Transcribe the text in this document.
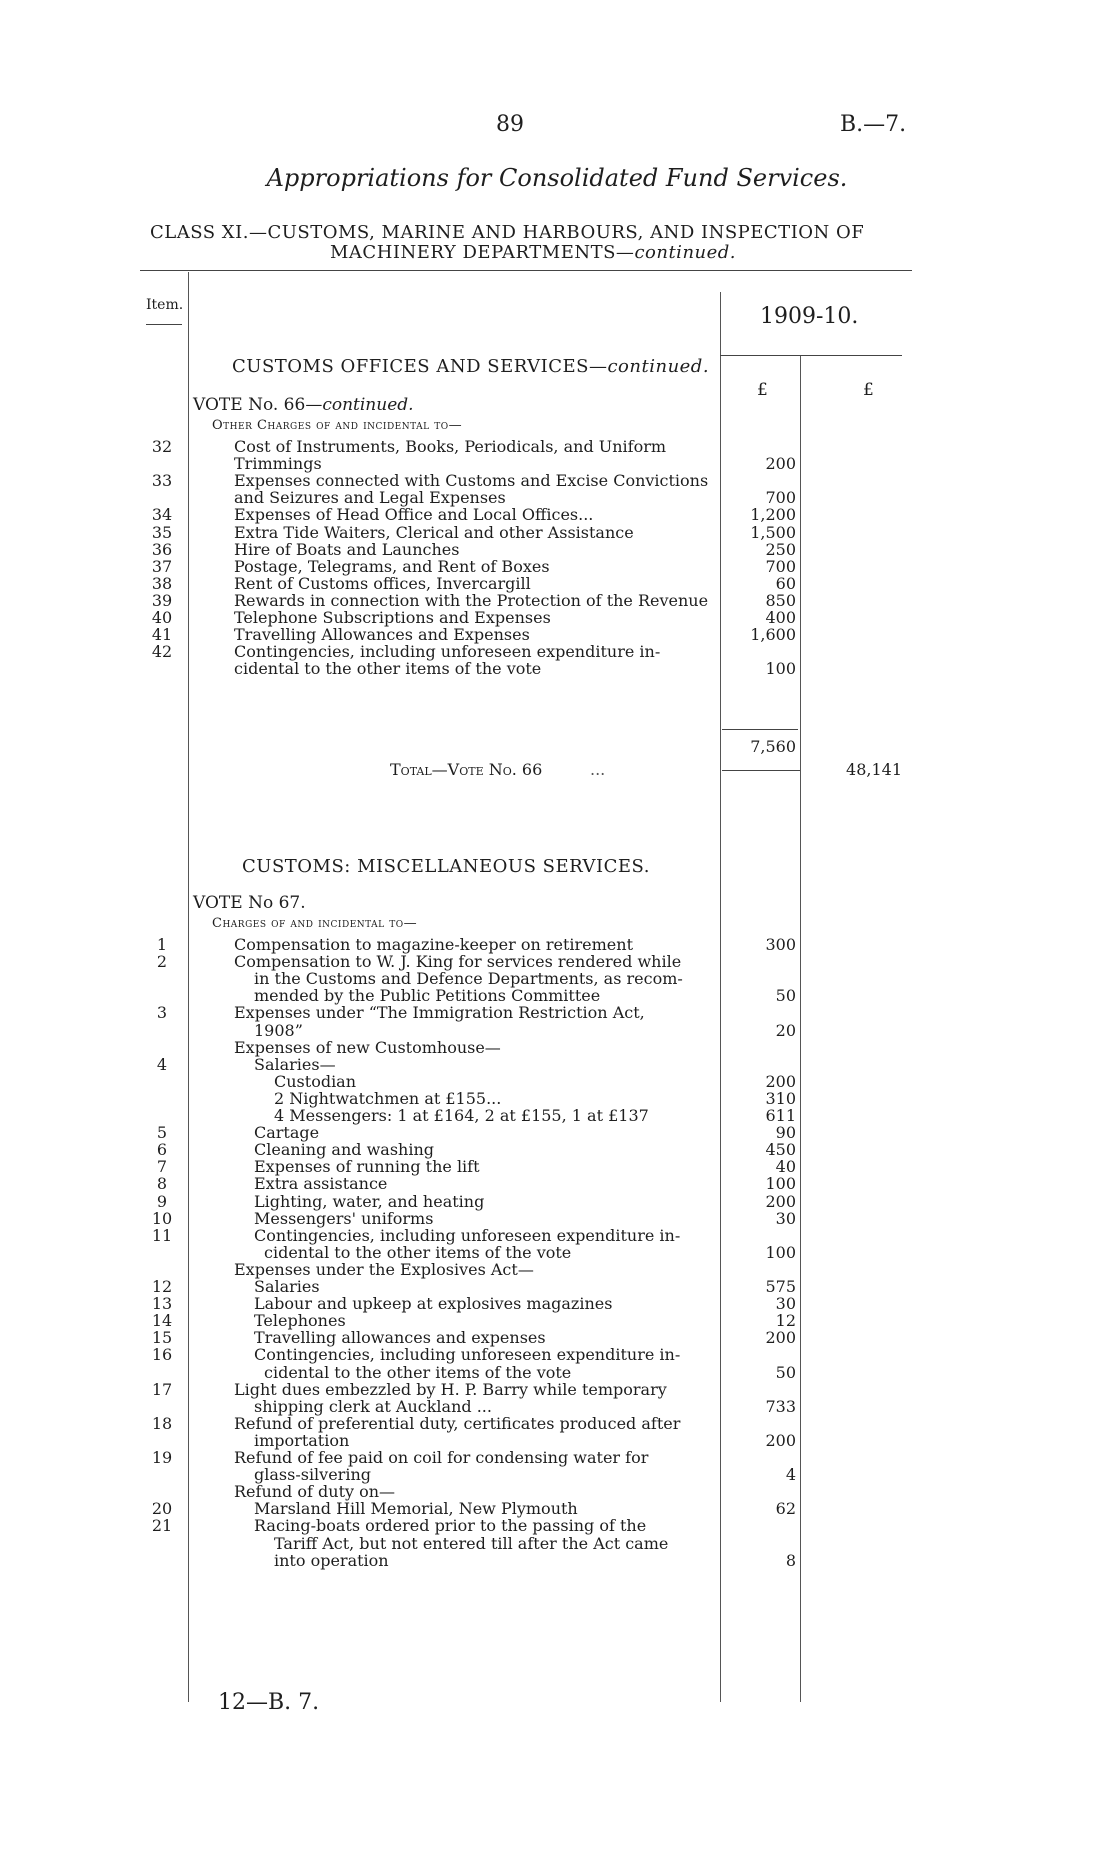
89	B.—7.
Appropriations for Consolidated Fund Services.
CLASS XI.—CUSTOMS, MARINE AND HARBOURS, AND INSPECTION OF
MACHINERY DEPARTMENTS—continued.
Item.	1909-10.
£	£
CUSTOMS OFFICES AND SERVICES—continued.
VOTE No. 66—continued.
Other Charges of and incidental to—
32	Cost of Instruments, Books, Periodicals, and Uniform
Trimmings	200
33	Expenses connected with Customs and Excise Convictions
and Seizures and Legal Expenses	700
34	Expenses of Head Office and Local Offices...	1,200
35	Extra Tide Waiters, Clerical and other Assistance	1,500
36	Hire of Boats and Launches	250
37	Postage, Telegrams, and Rent of Boxes	700
38	Rent of Customs offices, Invercargill	60
39	Rewards in connection with the Protection of the Revenue	850
40	Telephone Subscriptions and Expenses	400
41	Travelling Allowances and Expenses	1,600
42	Contingencies, including unforeseen expenditure in-
cidental to the other items of the vote	100
7,560
Total—Vote No. 66	...	48,141
CUSTOMS: MISCELLANEOUS SERVICES.
VOTE No 67.
Charges of and incidental to—
1	Compensation to magazine-keeper on retirement	300
2	Compensation to W. J. King for services rendered while
in the Customs and Defence Departments, as recom-
mended by the Public Petitions Committee	50
3	Expenses under “The Immigration Restriction Act,
1908”	20
Expenses of new Customhouse—
4	Salaries—
Custodian	200
2 Nightwatchmen at £155...	310
4 Messengers: 1 at £164, 2 at £155, 1 at £137	611
5	Cartage	90
6	Cleaning and washing	450
7	Expenses of running the lift	40
8	Extra assistance	100
9	Lighting, water, and heating	200
10	Messengers' uniforms	30
11	Contingencies, including unforeseen expenditure in-
cidental to the other items of the vote	100
Expenses under the Explosives Act—
12	Salaries	575
13	Labour and upkeep at explosives magazines	30
14	Telephones	12
15	Travelling allowances and expenses	200
16	Contingencies, including unforeseen expenditure in-
cidental to the other items of the vote	50
17	Light dues embezzled by H. P. Barry while temporary
shipping clerk at Auckland ...	733
18	Refund of preferential duty, certificates produced after
importation	200
19	Refund of fee paid on coil for condensing water for
glass-silvering	4
Refund of duty on—
20	Marsland Hill Memorial, New Plymouth	62
21	Racing-boats ordered prior to the passing of the
Tariff Act, but not entered till after the Act came
into operation	8
12—B. 7.
